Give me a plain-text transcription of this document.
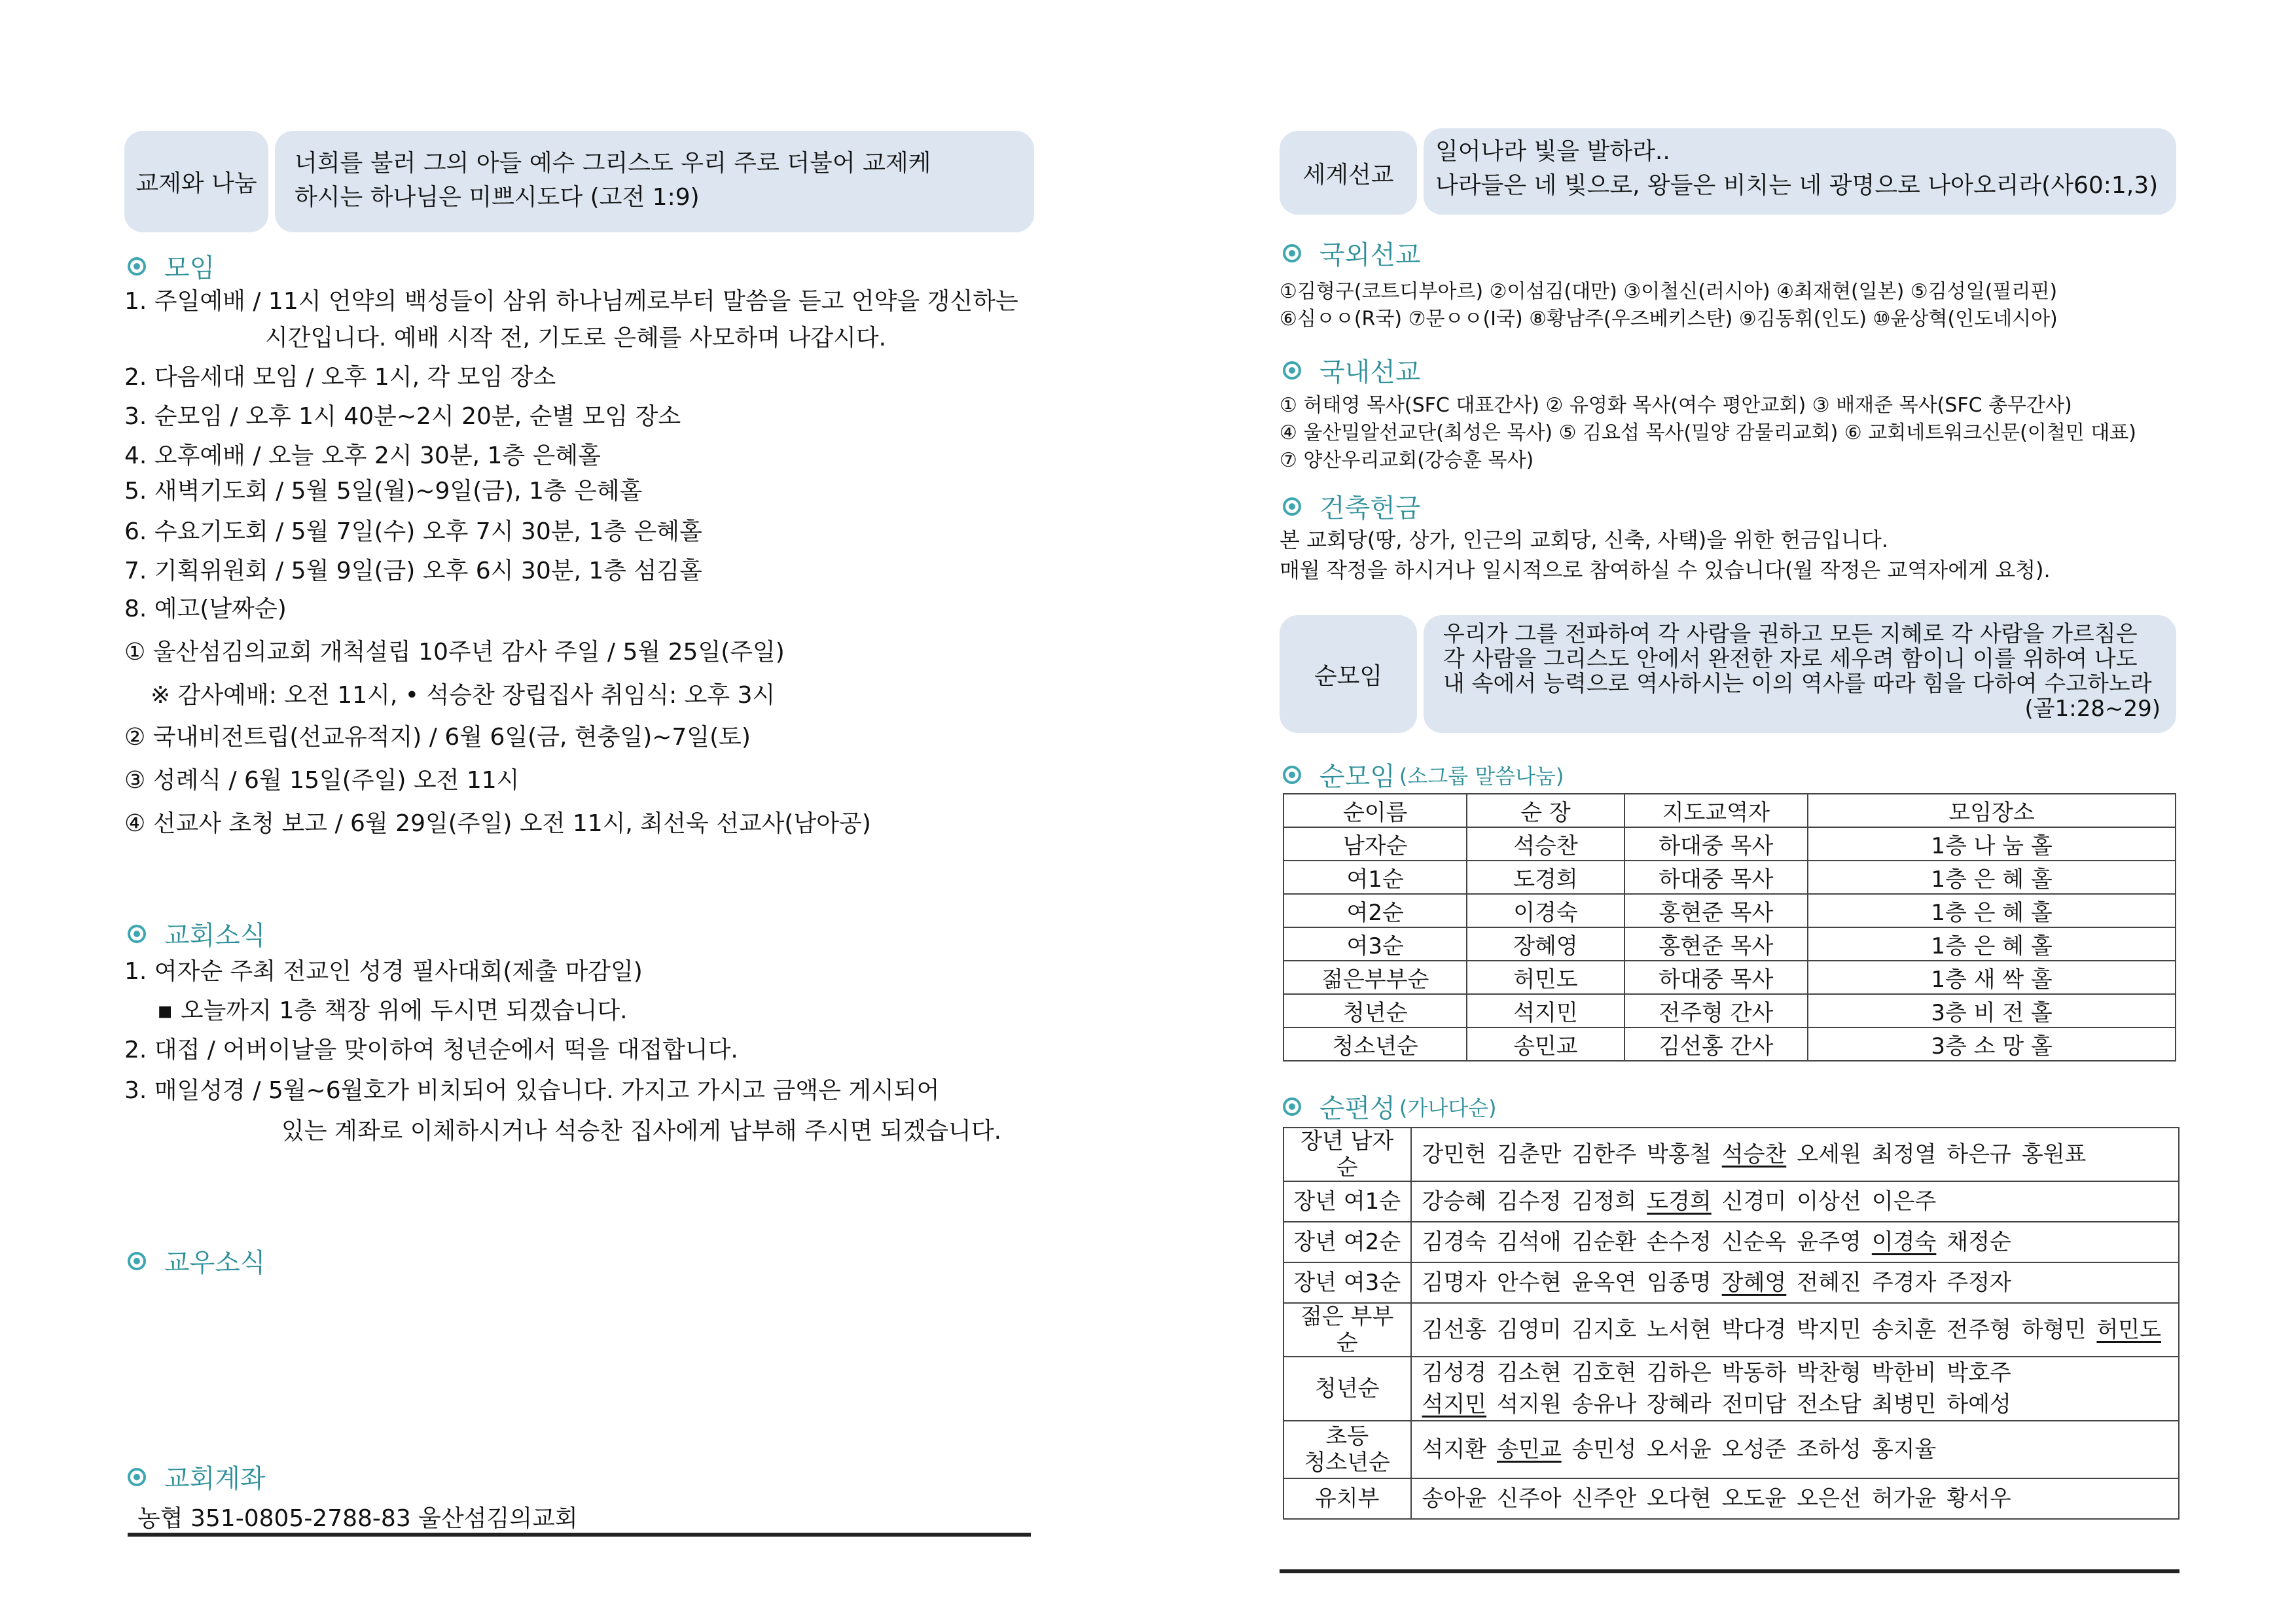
교제와 나눔
너희를 불러 그의 아들 예수 그리스도 우리 주로 더불어 교제케
하시는 하나님은 미쁘시도다 (고전 1:9)
모임
1. 주일예배 / 11시 언약의 백성들이 삼위 하나님께로부터 말씀을 듣고 언약을 갱신하는
시간입니다. 예배 시작 전, 기도로 은혜를 사모하며 나갑시다.
2. 다음세대 모임 / 오후 1시, 각 모임 장소
3. 순모임 / 오후 1시 40분~2시 20분, 순별 모임 장소
4. 오후예배 / 오늘 오후 2시 30분, 1층 은혜홀
5. 새벽기도회 / 5월 5일(월)~9일(금), 1층 은혜홀
6. 수요기도회 / 5월 7일(수) 오후 7시 30분, 1층 은혜홀
7. 기획위원회 / 5월 9일(금) 오후 6시 30분, 1층 섬김홀
8. 예고(날짜순)
① 울산섬김의교회 개척설립 10주년 감사 주일 / 5월 25일(주일)
※ 감사예배: 오전 11시, • 석승찬 장립집사 취임식: 오후 3시
② 국내비전트립(선교유적지) / 6월 6일(금, 현충일)~7일(토)
③ 성례식 / 6월 15일(주일) 오전 11시
④ 선교사 초청 보고 / 6월 29일(주일) 오전 11시, 최선욱 선교사(남아공)
교회소식
1. 여자순 주최 전교인 성경 필사대회(제출 마감일)
▪ 오늘까지 1층 책장 위에 두시면 되겠습니다.
2. 대접 / 어버이날을 맞이하여 청년순에서 떡을 대접합니다.
3. 매일성경 / 5월~6월호가 비치되어 있습니다. 가지고 가시고 금액은 게시되어
있는 계좌로 이체하시거나 석승찬 집사에게 납부해 주시면 되겠습니다.
교우소식
교회계좌
농협 351-0805-2788-83 울산섬김의교회
세계선교
일어나라 빛을 발하라..
나라들은 네 빛으로, 왕들은 비치는 네 광명으로 나아오리라(사60:1,3)
국외선교
①김형구(코트디부아르) ②이섬김(대만) ③이철신(러시아) ④최재현(일본) ⑤김성일(필리핀)
⑥심ㅇㅇ(R국) ⑦문ㅇㅇ(I국) ⑧황남주(우즈베키스탄) ⑨김동휘(인도) ⑩윤상혁(인도네시아)
국내선교
① 허태영 목사(SFC 대표간사) ② 유영화 목사(여수 평안교회) ③ 배재준 목사(SFC 총무간사)
④ 울산밀알선교단(최성은 목사) ⑤ 김요섭 목사(밀양 감물리교회) ⑥ 교회네트워크신문(이철민 대표)
⑦ 양산우리교회(강승훈 목사)
건축헌금
본 교회당(땅, 상가, 인근의 교회당, 신축, 사택)을 위한 헌금입니다.
매월 작정을 하시거나 일시적으로 참여하실 수 있습니다(월 작정은 교역자에게 요청).
순모임
우리가 그를 전파하여 각 사람을 권하고 모든 지혜로 각 사람을 가르침은
각 사람을 그리스도 안에서 완전한 자로 세우려 함이니 이를 위하여 나도
내 속에서 능력으로 역사하시는 이의 역사를 따라 힘을 다하여 수고하노라
(골1:28~29)
순모임 (소그룹 말씀나눔)
순이름	순 장	지도교역자	모임장소
남자순	석승찬	하대중 목사	1층 나 눔 홀
여1순	도경희	하대중 목사	1층 은 혜 홀
여2순	이경숙	홍현준 목사	1층 은 혜 홀
여3순	장혜영	홍현준 목사	1층 은 혜 홀
젊은부부순	허민도	하대중 목사	1층 새 싹 홀
청년순	석지민	전주형 간사	3층 비 전 홀
청소년순	송민교	김선홍 간사	3층 소 망 홀
순편성 (가나다순)
장년 남자순	강민헌 김춘만 김한주 박홍철 석승찬 오세원 최정열 하은규 홍원표
장년 여1순	강승혜 김수정 김정희 도경희 신경미 이상선 이은주
장년 여2순	김경숙 김석애 김순환 손수정 신순옥 윤주영 이경숙 채정순
장년 여3순	김명자 안수현 윤옥연 임종명 장혜영 전혜진 주경자 주정자
젊은 부부순	김선홍 김영미 김지호 노서현 박다경 박지민 송치훈 전주형 하형민 허민도
청년순	김성경 김소현 김호현 김하은 박동하 박찬형 박한비 박호주
석지민 석지원 송유나 장혜라 전미담 전소담 최병민 하예성
초등
청소년순	석지환 송민교 송민성 오서윤 오성준 조하성 홍지율
유치부	송아윤 신주아 신주안 오다현 오도윤 오은선 허가윤 황서우
